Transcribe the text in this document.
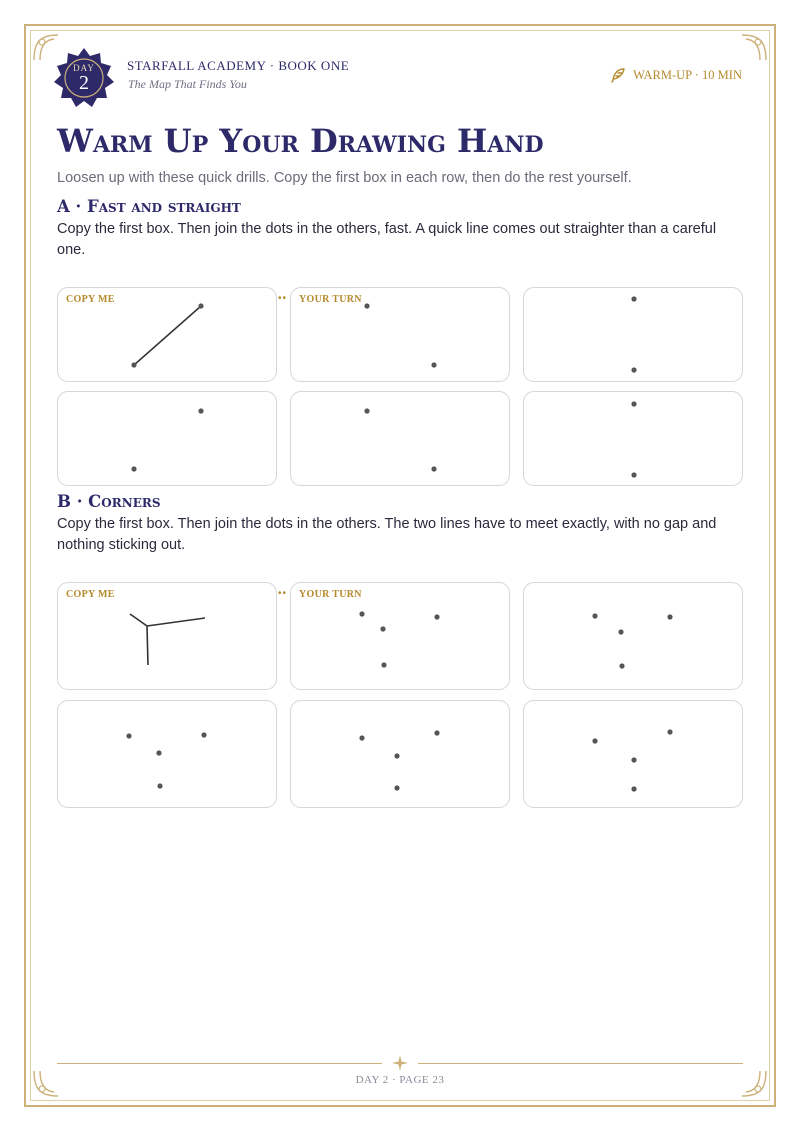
DAY
2
STARFALL ACADEMY · BOOK ONE
The Map That Finds You
WARM-UP · 10 MIN
Warm Up Your Drawing Hand
Loosen up with these quick drills. Copy the first box in each row, then do the rest yourself.
A · Fast and straight
Copy the first box. Then join the dots in the others, fast. A quick line comes out straighter than a careful one.
COPY ME	•• YOUR TURN
B · Corners
Copy the first box. Then join the dots in the others. The two lines have to meet exactly, with no gap and nothing sticking out.
COPY ME	•• YOUR TURN
DAY 2 · PAGE 23
